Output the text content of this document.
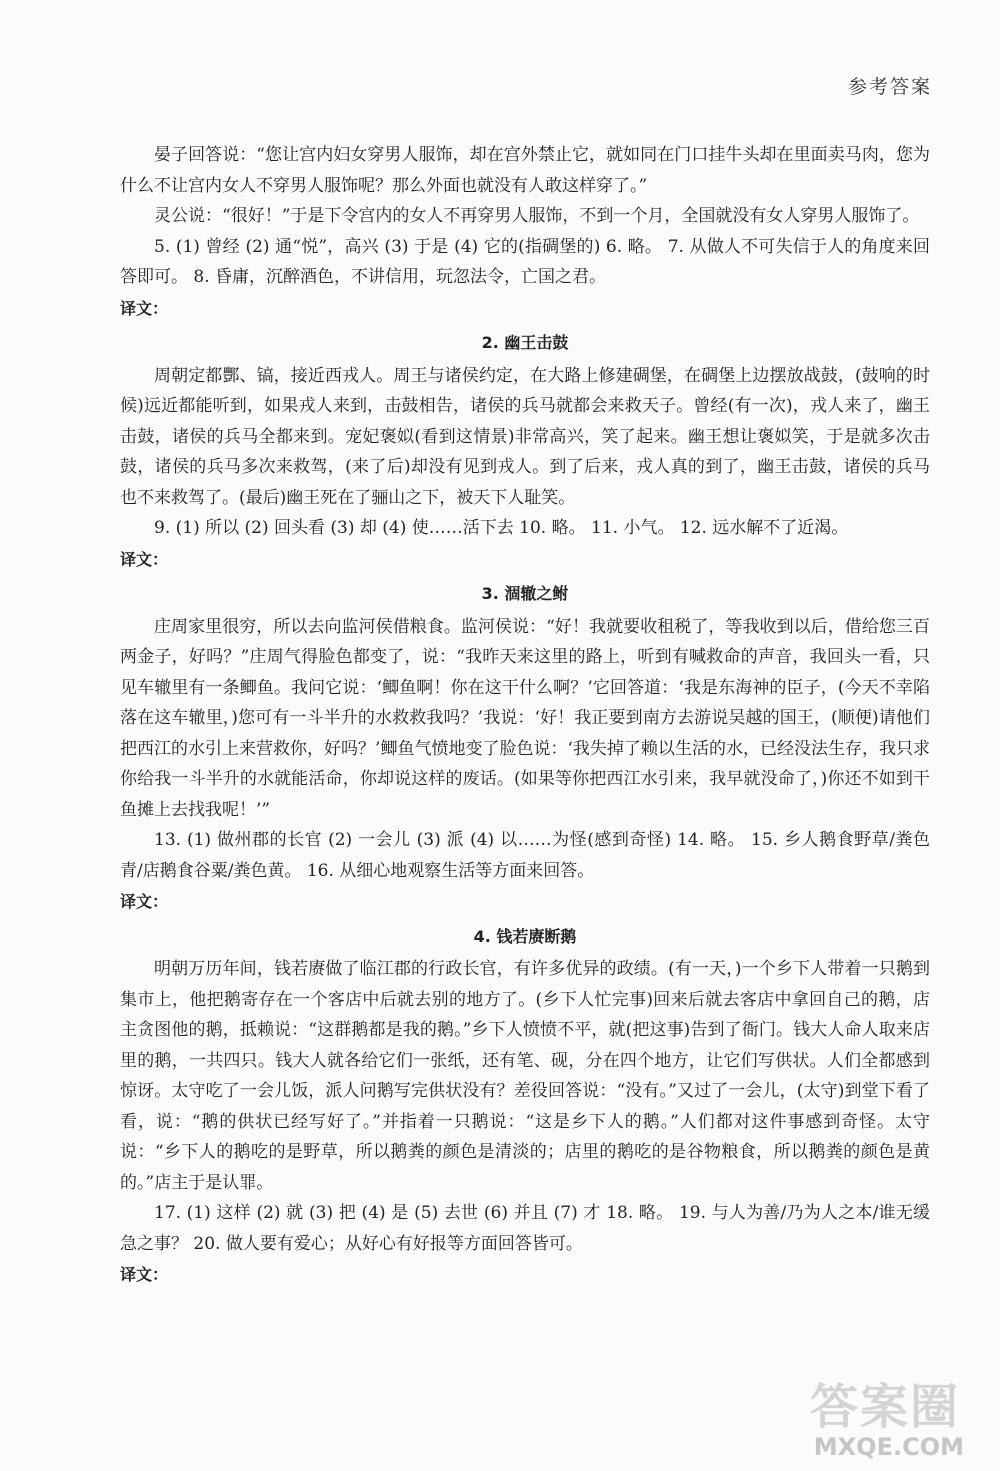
参考答案

晏子回答说：“您让宫内妇女穿男人服饰，却在宫外禁止它，就如同在门口挂牛头却在里面卖马肉，您为什么不让宫内女人不穿男人服饰呢？那么外面也就没有人敢这样穿了。”

灵公说：“很好！”于是下令宫内的女人不再穿男人服饰，不到一个月，全国就没有女人穿男人服饰了。

5. (1) 曾经 (2) 通“悦”，高兴 (3) 于是 (4) 它的(指碉堡的) 6. 略。 7. 从做人不可失信于人的角度来回答即可。 8. 昏庸，沉醉酒色，不讲信用，玩忽法令，亡国之君。

译文：
2. 幽王击鼓

周朝定都酆、镐，接近西戎人。周王与诸侯约定，在大路上修建碉堡，在碉堡上边摆放战鼓，(鼓响的时候)远近都能听到，如果戎人来到，击鼓相告，诸侯的兵马就都会来救天子。曾经(有一次)，戎人来了，幽王击鼓，诸侯的兵马全都来到。宠妃褒姒(看到这情景)非常高兴，笑了起来。幽王想让褒姒笑，于是就多次击鼓，诸侯的兵马多次来救驾，(来了后)却没有见到戎人。到了后来，戎人真的到了，幽王击鼓，诸侯的兵马也不来救驾了。(最后)幽王死在了骊山之下，被天下人耻笑。

9. (1) 所以 (2) 回头看 (3) 却 (4) 使……活下去 10. 略。 11. 小气。 12. 远水解不了近渴。

译文：
3. 涸辙之鲋

庄周家里很穷，所以去向监河侯借粮食。监河侯说：“好！我就要收租税了，等我收到以后，借给您三百两金子，好吗？”庄周气得脸色都变了，说：“我昨天来这里的路上，听到有喊救命的声音，我回头一看，只见车辙里有一条鲫鱼。我问它说：‘鲫鱼啊！你在这干什么啊？’它回答道：‘我是东海神的臣子，(今天不幸陷落在这车辙里，)您可有一斗半升的水救救我吗？’我说：‘好！我正要到南方去游说吴越的国王，(顺便)请他们把西江的水引上来营救你，好吗？’鲫鱼气愤地变了脸色说：‘我失掉了赖以生活的水，已经没法生存，我只求你给我一斗半升的水就能活命，你却说这样的废话。(如果等你把西江水引来，我早就没命了，)你还不如到干鱼摊上去找我呢！’”

13. (1) 做州郡的长官 (2) 一会儿 (3) 派 (4) 以……为怪(感到奇怪) 14. 略。 15. 乡人鹅食野草/粪色青/店鹅食谷粟/粪色黄。 16. 从细心地观察生活等方面来回答。

译文：
4. 钱若赓断鹅

明朝万历年间，钱若赓做了临江郡的行政长官，有许多优异的政绩。(有一天，)一个乡下人带着一只鹅到集市上，他把鹅寄存在一个客店中后就去别的地方了。(乡下人忙完事)回来后就去客店中拿回自己的鹅，店主贪图他的鹅，抵赖说：“这群鹅都是我的鹅。”乡下人愤愤不平，就(把这事)告到了衙门。钱大人命人取来店里的鹅，一共四只。钱大人就各给它们一张纸，还有笔、砚，分在四个地方，让它们写供状。人们全都感到惊讶。太守吃了一会儿饭，派人问鹅写完供状没有？差役回答说：“没有。”又过了一会儿，(太守)到堂下看了看，说：“鹅的供状已经写好了。”并指着一只鹅说：“这是乡下人的鹅。”人们都对这件事感到奇怪。太守说：“乡下人的鹅吃的是野草，所以鹅粪的颜色是清淡的；店里的鹅吃的是谷物粮食，所以鹅粪的颜色是黄的。”店主于是认罪。

17. (1) 这样 (2) 就 (3) 把 (4) 是 (5) 去世 (6) 并且 (7) 才 18. 略。 19. 与人为善/乃为人之本/谁无缓急之事？ 20. 做人要有爱心；从好心有好报等方面回答皆可。

译文：
答案圈
MXQE.COM
